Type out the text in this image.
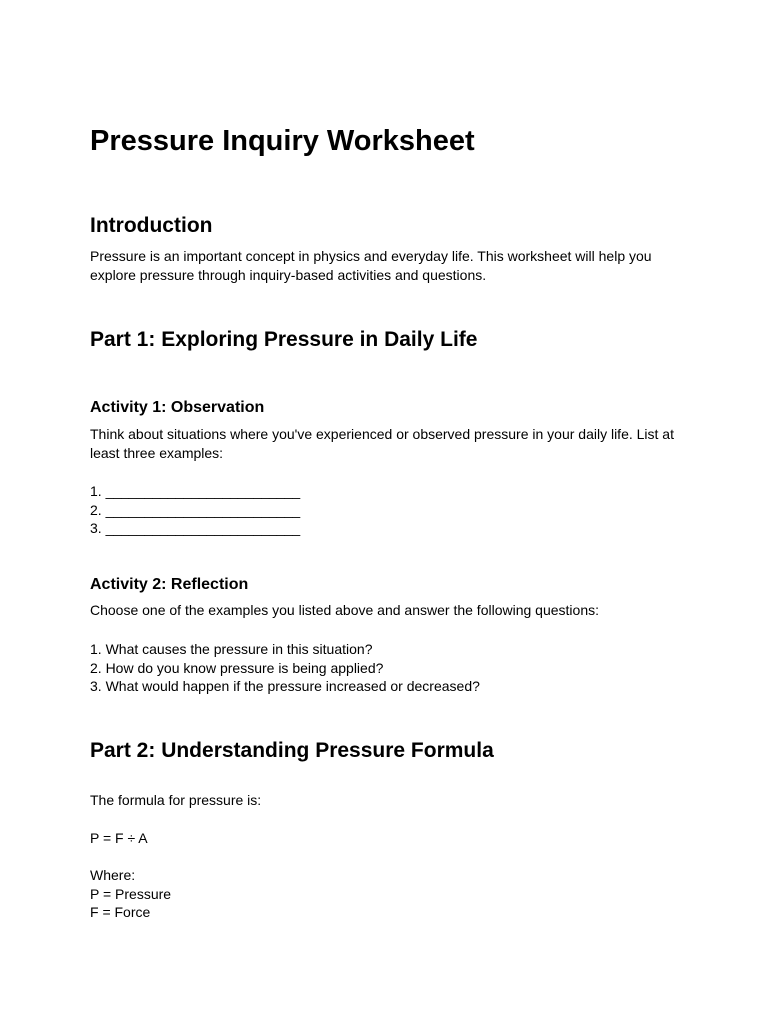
Pressure Inquiry Worksheet
Introduction

Pressure is an important concept in physics and everyday life. This worksheet will help you explore pressure through inquiry-based activities and questions.

Part 1: Exploring Pressure in Daily Life
Activity 1: Observation

Think about situations where you've experienced or observed pressure in your daily life. List at least three examples:

1. _________________________
2. _________________________
3. _________________________
Activity 2: Reflection

Choose one of the examples you listed above and answer the following questions:

1. What causes the pressure in this situation?
2. How do you know pressure is being applied?
3. What would happen if the pressure increased or decreased?
Part 2: Understanding Pressure Formula

The formula for pressure is:

P = F ÷ A

Where:
P = Pressure
F = Force
